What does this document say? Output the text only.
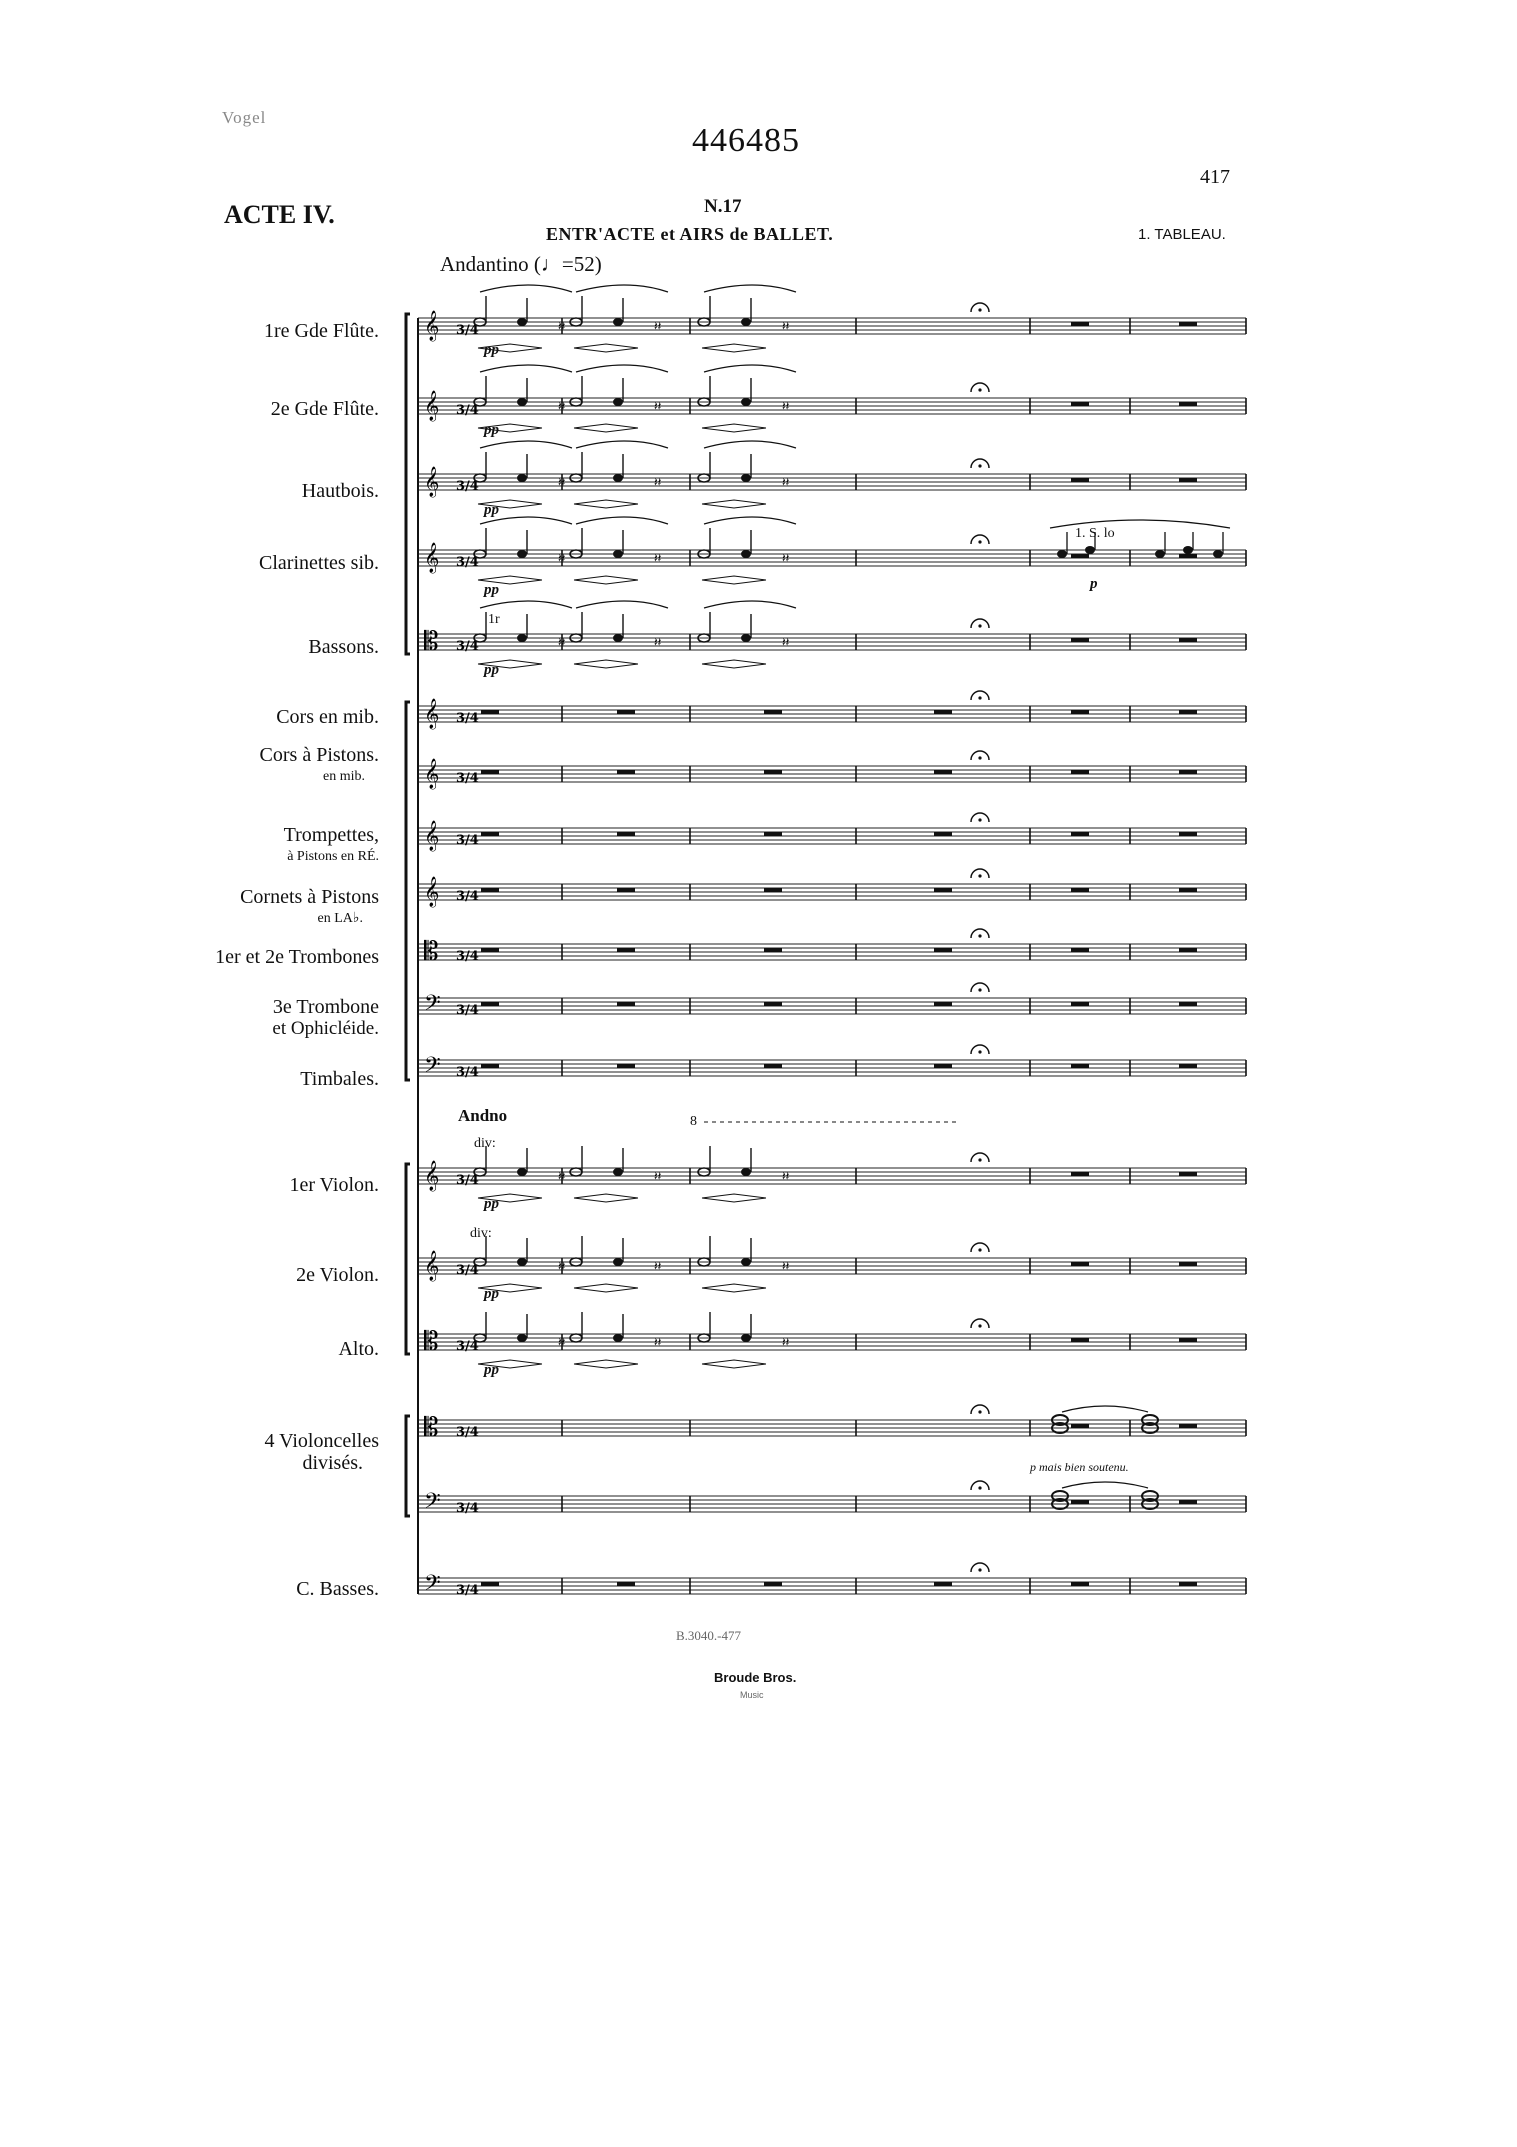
Vogel
446485
417
ACTE IV.	N.17
ENTR'ACTE et AIRS de BALLET.	1. TABLEAU.
Andantino (♩=52)
1re Gde Flûte.
2e Gde Flûte.
Hautbois.
Clarinettes sib.
Bassons.
Cors en mib.
Cors à Pistons.
en mib.
Trompettes,
à Pistons en RÉ.
Cornets à Pistons
en LA♭.
1er et 2e Trombones
3e Trombone
et Ophicléide.
Timbales.
1er Violon.
2e Violon.
Alto.
4 Violoncelles
divisés.
C. Basses.
𝄞 3/4
𝄞 3/4
𝄞 3/4
𝄞 3/4
𝄡 3/4
𝄞 3/4
𝄞 3/4
𝄞 3/4
𝄞 3/4
𝄡 3/4
𝄢 3/4
𝄢 3/4
𝄞 3/4
𝄞 3/4
𝄡 3/4
𝄡 3/4
𝄢 3/4
𝄢 3/4
𝄽𝄽	𝄽𝄽	𝄽𝄽
𝄽𝄽	𝄽𝄽	𝄽𝄽
𝄽𝄽	𝄽𝄽	𝄽𝄽
𝄽𝄽	𝄽𝄽	𝄽𝄽
𝄽𝄽	𝄽𝄽	𝄽𝄽
𝄽𝄽	𝄽𝄽	𝄽𝄽
𝄽𝄽	𝄽𝄽	𝄽𝄽
𝄽𝄽	𝄽𝄽	𝄽𝄽
pp
pp
pp
pp
pp
pp
pp
pp
p
1. S. lo
1r
Andno
div:
div:
8
p mais bien soutenu.
B.3040.-477
Broude Bros.
Music
